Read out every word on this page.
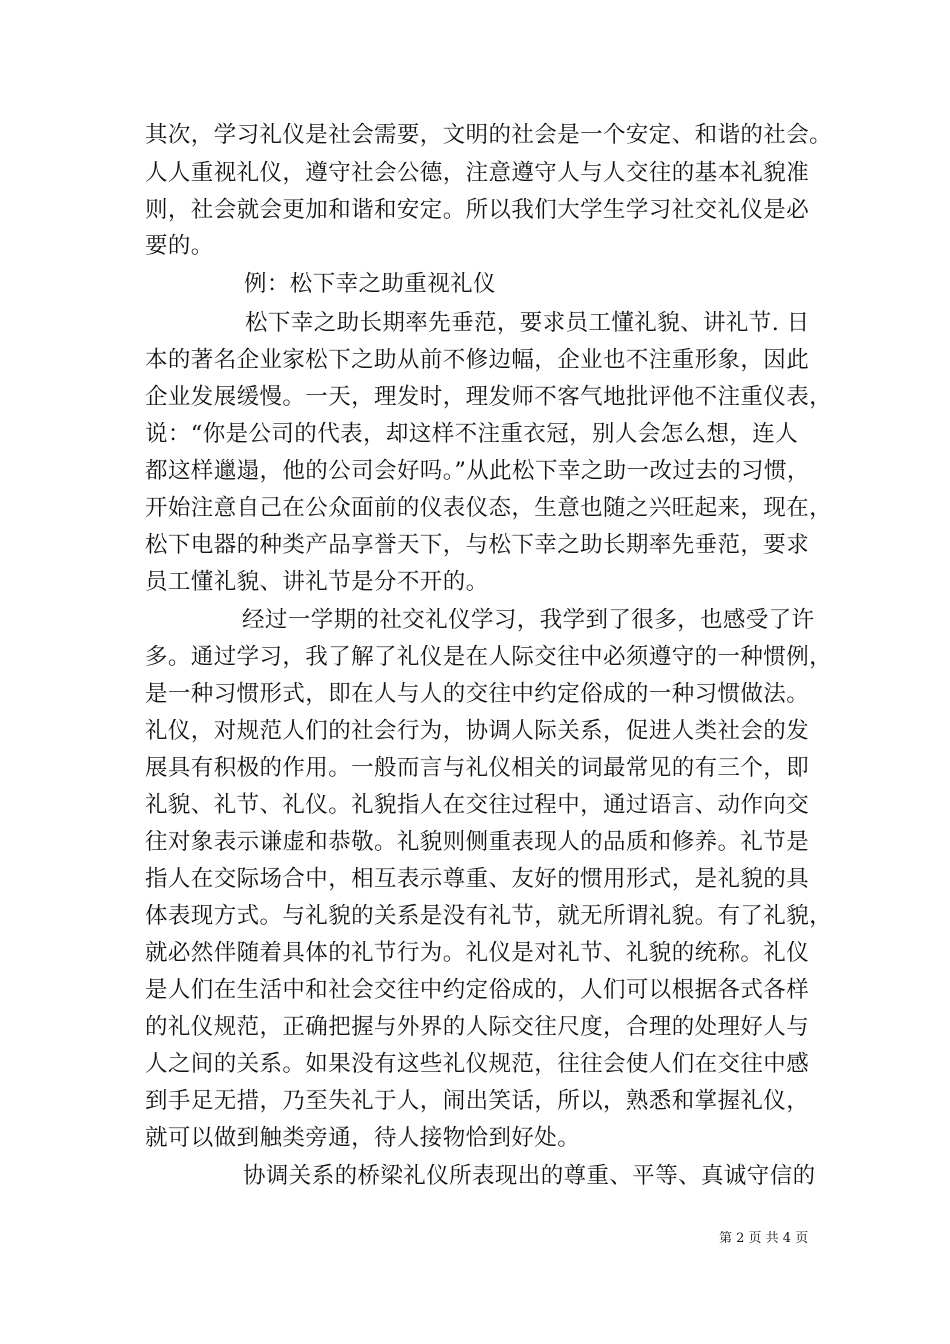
其次，学习礼仪是社会需要，文明的社会是一个安定、和谐的社会。
人人重视礼仪，遵守社会公德，注意遵守人与人交往的基本礼貌准
则，社会就会更加和谐和安定。所以我们大学生学习社交礼仪是必
要的。
例：松下幸之助重视礼仪
松下幸之助长期率先垂范，要求员工懂礼貌、讲礼节. 日
本的著名企业家松下之助从前不修边幅，企业也不注重形象，因此
企业发展缓慢。一天，理发时，理发师不客气地批评他不注重仪表，
说：“你是公司的代表，却这样不注重衣冠，别人会怎么想，连人
都这样邋遢，他的公司会好吗。”从此松下幸之助一改过去的习惯，
开始注意自己在公众面前的仪表仪态，生意也随之兴旺起来，现在，
松下电器的种类产品享誉天下，与松下幸之助长期率先垂范，要求
员工懂礼貌、讲礼节是分不开的。
经过一学期的社交礼仪学习，我学到了很多，也感受了许
多。通过学习，我了解了礼仪是在人际交往中必须遵守的一种惯例，
是一种习惯形式，即在人与人的交往中约定俗成的一种习惯做法。
礼仪，对规范人们的社会行为，协调人际关系，促进人类社会的发
展具有积极的作用。一般而言与礼仪相关的词最常见的有三个，即
礼貌、礼节、礼仪。礼貌指人在交往过程中，通过语言、动作向交
往对象表示谦虚和恭敬。礼貌则侧重表现人的品质和修养。礼节是
指人在交际场合中，相互表示尊重、友好的惯用形式，是礼貌的具
体表现方式。与礼貌的关系是没有礼节，就无所谓礼貌。有了礼貌，
就必然伴随着具体的礼节行为。礼仪是对礼节、礼貌的统称。礼仪
是人们在生活中和社会交往中约定俗成的，人们可以根据各式各样
的礼仪规范，正确把握与外界的人际交往尺度，合理的处理好人与
人之间的关系。如果没有这些礼仪规范，往往会使人们在交往中感
到手足无措，乃至失礼于人，闹出笑话，所以，熟悉和掌握礼仪，
就可以做到触类旁通，待人接物恰到好处。
协调关系的桥梁礼仪所表现出的尊重、平等、真诚守信的
第 2 页 共 4 页
